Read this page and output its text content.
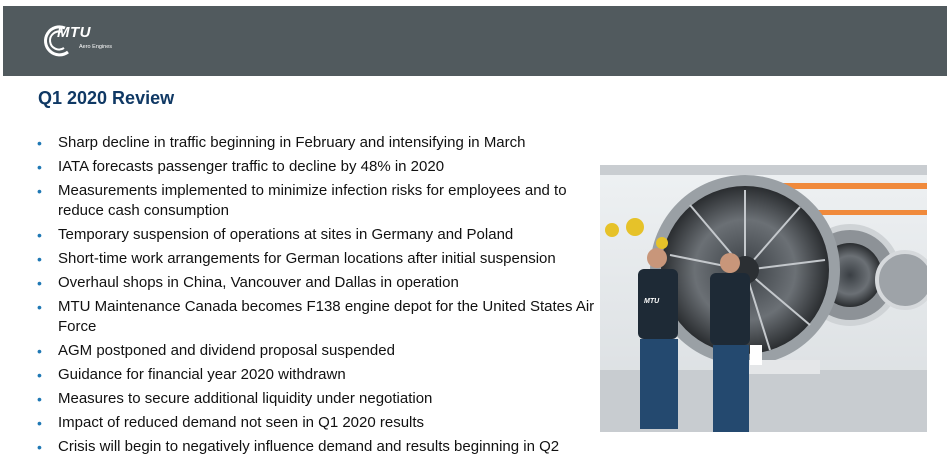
MTU
Aero Engines
Q1 2020 Review
• Sharp decline in traffic beginning in February and intensifying in March
• IATA forecasts passenger traffic to decline by 48% in 2020
• Measurements implemented to minimize infection risks for employees and to reduce cash consumption
• Temporary suspension of operations at sites in Germany and Poland
• Short-time work arrangements for German locations after initial suspension
• Overhaul shops in China, Vancouver and Dallas in operation
• MTU Maintenance Canada becomes F138 engine depot for the United States Air Force
• AGM postponed and dividend proposal suspended
• Guidance for financial year 2020 withdrawn
• Measures to secure additional liquidity under negotiation
• Impact of reduced demand not seen in Q1 2020 results
• Crisis will begin to negatively influence demand and results beginning in Q2
MTU
